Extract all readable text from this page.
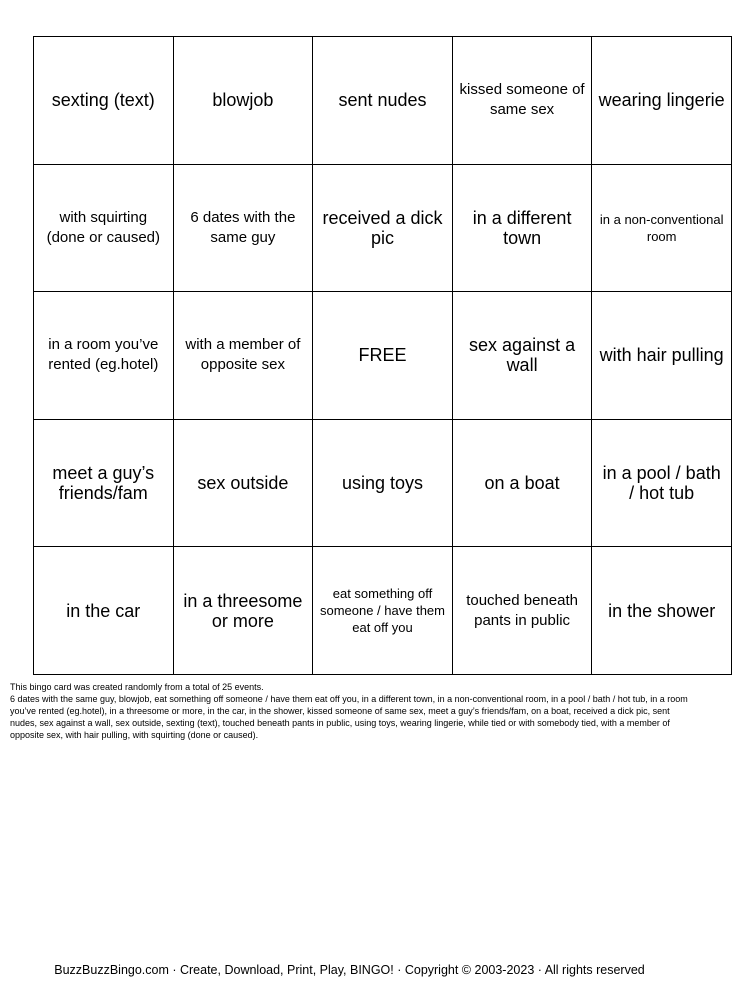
sexting (text)	blowjob	sent nudes	kissed someone of same sex	wearing lingerie
with squirting (done or caused)	6 dates with the same guy	received a dick pic	in a different town	in a non-conventional room
in a room you’ve rented (eg.hotel)	with a member of opposite sex	FREE	sex against a wall	with hair pulling
meet a guy’s friends/fam	sex outside	using toys	on a boat	in a pool / bath / hot tub
in the car	in a threesome or more	eat something off someone / have them eat off you	touched beneath pants in public	in the shower
This bingo card was created randomly from a total of 25 events.
6 dates with the same guy, blowjob, eat something off someone / have them eat off you, in a different town, in a non-conventional room, in a pool / bath / hot tub, in a room you’ve rented (eg.hotel), in a threesome or more, in the car, in the shower, kissed someone of same sex, meet a guy’s friends/fam, on a boat, received a dick pic, sent nudes, sex against a wall, sex outside, sexting (text), touched beneath pants in public, using toys, wearing lingerie, while tied or with somebody tied, with a member of opposite sex, with hair pulling, with squirting (done or caused).
BuzzBuzzBingo.com · Create, Download, Print, Play, BINGO! · Copyright © 2003-2023 · All rights reserved
